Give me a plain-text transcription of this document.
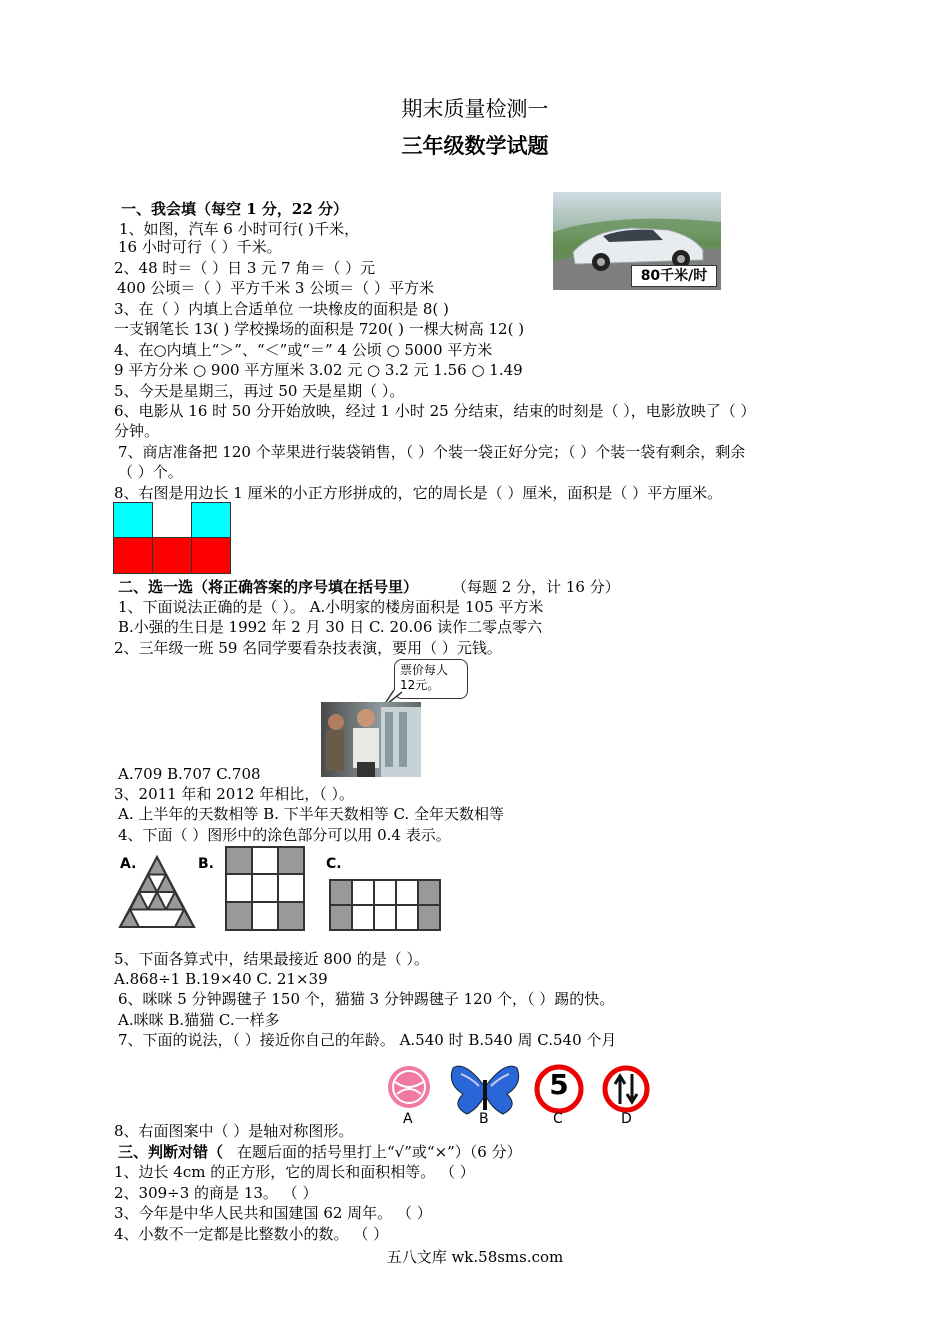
期末质量检测一
三年级数学试题
一、我会填（每空 1 分，22 分）
1、如图，汽车 6 小时可行( )千米，
16 小时可行（ ）千米。
2、48 时＝（ ）日 3 元 7 角＝（ ）元
400 公顷＝（ ）平方千米 3 公顷＝（ ）平方米
3、在（ ）内填上合适单位 一块橡皮的面积是 8( )
一支钢笔长 13( ) 学校操场的面积是 720( ) 一棵大树高 12( )
4、在○内填上“＞”、“＜”或“＝” 4 公顷 ○ 5000 平方米
9 平方分米 ○ 900 平方厘米 3.02 元 ○ 3.2 元 1.56 ○ 1.49
5、今天是星期三，再过 50 天是星期（ ）。
6、电影从 16 时 50 分开始放映，经过 1 小时 25 分结束，结束的时刻是（ ），电影放映了（ ）
分钟。
7、商店准备把 120 个苹果进行装袋销售，（ ）个装一袋正好分完；（ ）个装一袋有剩余，剩余
（ ）个。
8、右图是用边长 1 厘米的小正方形拼成的，它的周长是（ ）厘米，面积是（ ）平方厘米。
80千米/时
二、选一选（将正确答案的序号填在括号里） （每题 2 分，计 16 分）
1、下面说法正确的是（ ）。 A.小明家的楼房面积是 105 平方米
B.小强的生日是 1992 年 2 月 30 日 C. 20.06 读作二零点零六
2、三年级一班 59 名同学要看杂技表演，要用（ ）元钱。
票价每人 12元。
A.709 B.707 C.708
3、2011 年和 2012 年相比，（ ）。
A. 上半年的天数相等 B. 下半年天数相等 C. 全年天数相等
4、下面（ ）图形中的涂色部分可以用 0.4 表示。
A.	B.	C.
5、下面各算式中，结果最接近 800 的是（ ）。
A.868÷1 B.19×40 C. 21×39
6、咪咪 5 分钟踢毽子 150 个，猫猫 3 分钟踢毽子 120 个，（ ）踢的快。
A.咪咪 B.猫猫 C.一样多
7、下面的说法，（ ）接近你自己的年龄。 A.540 时 B.540 周 C.540 个月
5
A	B	C	D
8、右面图案中（ ）是轴对称图形。
三、判断对错（ 在题后面的括号里打上“√”或“×”）（6 分）
1、边长 4cm 的正方形，它的周长和面积相等。 （ ）
2、309÷3 的商是 13。 （ ）
3、今年是中华人民共和国建国 62 周年。 （ ）
4、小数不一定都是比整数小的数。 （ ）
五八文库 wk.58sms.com
